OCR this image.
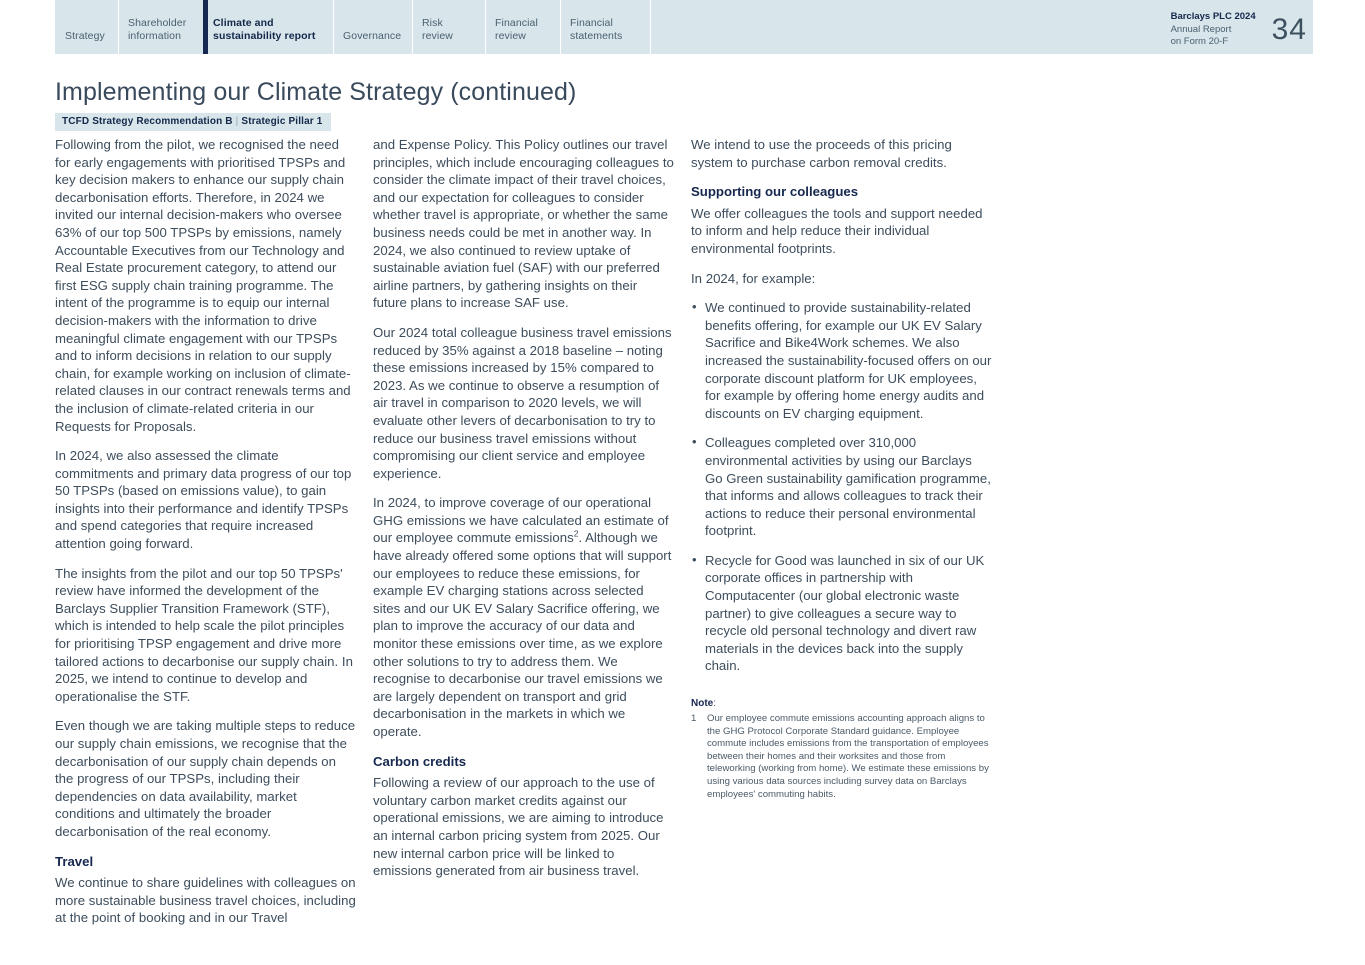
Strategy
Shareholder
information
Climate and
sustainability report	Governance
Risk
review
Financial
review
Financial
statements
Barclays PLC 2024
Annual Report
on Form 20-F	34
Implementing our Climate Strategy (continued)
TCFD Strategy Recommendation B | Strategic Pillar 1

Following from the pilot, we recognised the need for early engagements with prioritised TPSPs and key decision makers to enhance our supply chain decarbonisation efforts. Therefore, in 2024 we invited our internal decision-makers who oversee 63% of our top 500 TPSPs by emissions, namely Accountable Executives from our Technology and Real Estate procurement category, to attend our first ESG supply chain training programme. The intent of the programme is to equip our internal decision-makers with the information to drive meaningful climate engagement with our TPSPs and to inform decisions in relation to our supply chain, for example working on inclusion of climate-related clauses in our contract renewals terms and the inclusion of climate-related criteria in our Requests for Proposals.

In 2024, we also assessed the climate commitments and primary data progress of our top 50 TPSPs (based on emissions value), to gain insights into their performance and identify TPSPs and spend categories that require increased attention going forward.

The insights from the pilot and our top 50 TPSPs' review have informed the development of the Barclays Supplier Transition Framework (STF), which is intended to help scale the pilot principles for prioritising TPSP engagement and drive more tailored actions to decarbonise our supply chain. In 2025, we intend to continue to develop and operationalise the STF.

Even though we are taking multiple steps to reduce our supply chain emissions, we recognise that the decarbonisation of our supply chain depends on the progress of our TPSPs, including their dependencies on data availability, market conditions and ultimately the broader decarbonisation of the real economy.

Travel

We continue to share guidelines with colleagues on more sustainable business travel choices, including at the point of booking and in our Travel

and Expense Policy. This Policy outlines our travel principles, which include encouraging colleagues to consider the climate impact of their travel choices, and our expectation for colleagues to consider whether travel is appropriate, or whether the same business needs could be met in another way. In 2024, we also continued to review uptake of sustainable aviation fuel (SAF) with our preferred airline partners, by gathering insights on their future plans to increase SAF use.

Our 2024 total colleague business travel emissions reduced by 35% against a 2018 baseline – noting these emissions increased by 15% compared to 2023. As we continue to observe a resumption of air travel in comparison to 2020 levels, we will evaluate other levers of decarbonisation to try to reduce our business travel emissions without compromising our client service and employee experience.

In 2024, to improve coverage of our operational GHG emissions we have calculated an estimate of our employee commute emissions$^2$. Although we have already offered some options that will support our employees to reduce these emissions, for example EV charging stations across selected sites and our UK EV Salary Sacrifice offering, we plan to improve the accuracy of our data and monitor these emissions over time, as we explore other solutions to try to address them. We recognise to decarbonise our travel emissions we are largely dependent on transport and grid decarbonisation in the markets in which we operate.

Carbon credits

Following a review of our approach to the use of voluntary carbon market credits against our operational emissions, we are aiming to introduce an internal carbon pricing system from 2025. Our new internal carbon price will be linked to emissions generated from air business travel.

We intend to use the proceeds of this pricing system to purchase carbon removal credits.

Supporting our colleagues

We offer colleagues the tools and support needed to inform and help reduce their individual environmental footprints.

In 2024, for example:

• We continued to provide sustainability-related benefits offering, for example our UK EV Salary Sacrifice and Bike4Work schemes. We also increased the sustainability-focused offers on our corporate discount platform for UK employees, for example by offering home energy audits and discounts on EV charging equipment.
• Colleagues completed over 310,000 environmental activities by using our Barclays Go Green sustainability gamification programme, that informs and allows colleagues to track their actions to reduce their personal environmental footprint.
• Recycle for Good was launched in six of our UK corporate offices in partnership with Computacenter (our global electronic waste partner) to give colleagues a secure way to recycle old personal technology and divert raw materials in the devices back into the supply chain.
Note:
1	Our employee commute emissions accounting approach aligns to the GHG Protocol Corporate Standard guidance. Employee commute includes emissions from the transportation of employees between their homes and their worksites and those from teleworking (working from home). We estimate these emissions by using various data sources including survey data on Barclays employees' commuting habits.
